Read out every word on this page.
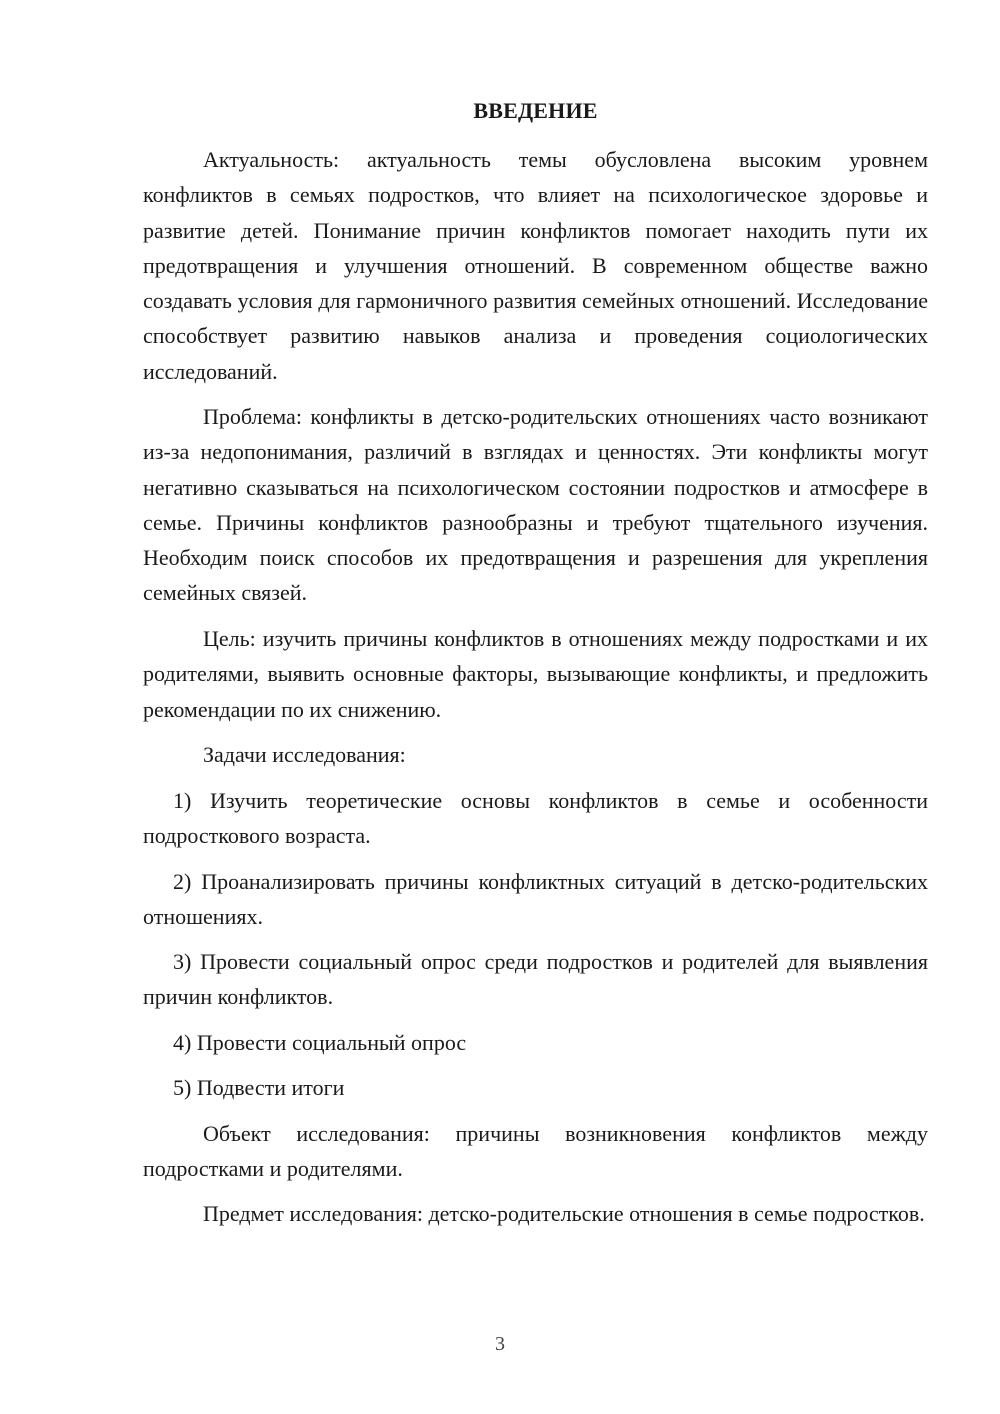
ВВЕДЕНИЕ

Актуальность: актуальность темы обусловлена высоким уровнем конфликтов в семьях подростков, что влияет на психологическое здоровье и развитие детей. Понимание причин конфликтов помогает находить пути их предотвращения и улучшения отношений. В современном обществе важно создавать условия для гармоничного развития семейных отношений. Исследование способствует развитию навыков анализа и проведения социологических исследований.

Проблема: конфликты в детско-родительских отношениях часто возникают из-за недопонимания, различий в взглядах и ценностях. Эти конфликты могут негативно сказываться на психологическом состоянии подростков и атмосфере в семье. Причины конфликтов разнообразны и требуют тщательного изучения. Необходим поиск способов их предотвращения и разрешения для укрепления семейных связей.

Цель: изучить причины конфликтов в отношениях между подростками и их родителями, выявить основные факторы, вызывающие конфликты, и предложить рекомендации по их снижению.

Задачи исследования:

1) Изучить теоретические основы конфликтов в семье и особенности подросткового возраста.

2) Проанализировать причины конфликтных ситуаций в детско-родительских отношениях.

3) Провести социальный опрос среди подростков и родителей для выявления причин конфликтов.

4) Провести социальный опрос

5) Подвести итоги

Объект исследования: причины возникновения конфликтов между подростками и родителями.

Предмет исследования: детско-родительские отношения в семье подростков.

3
